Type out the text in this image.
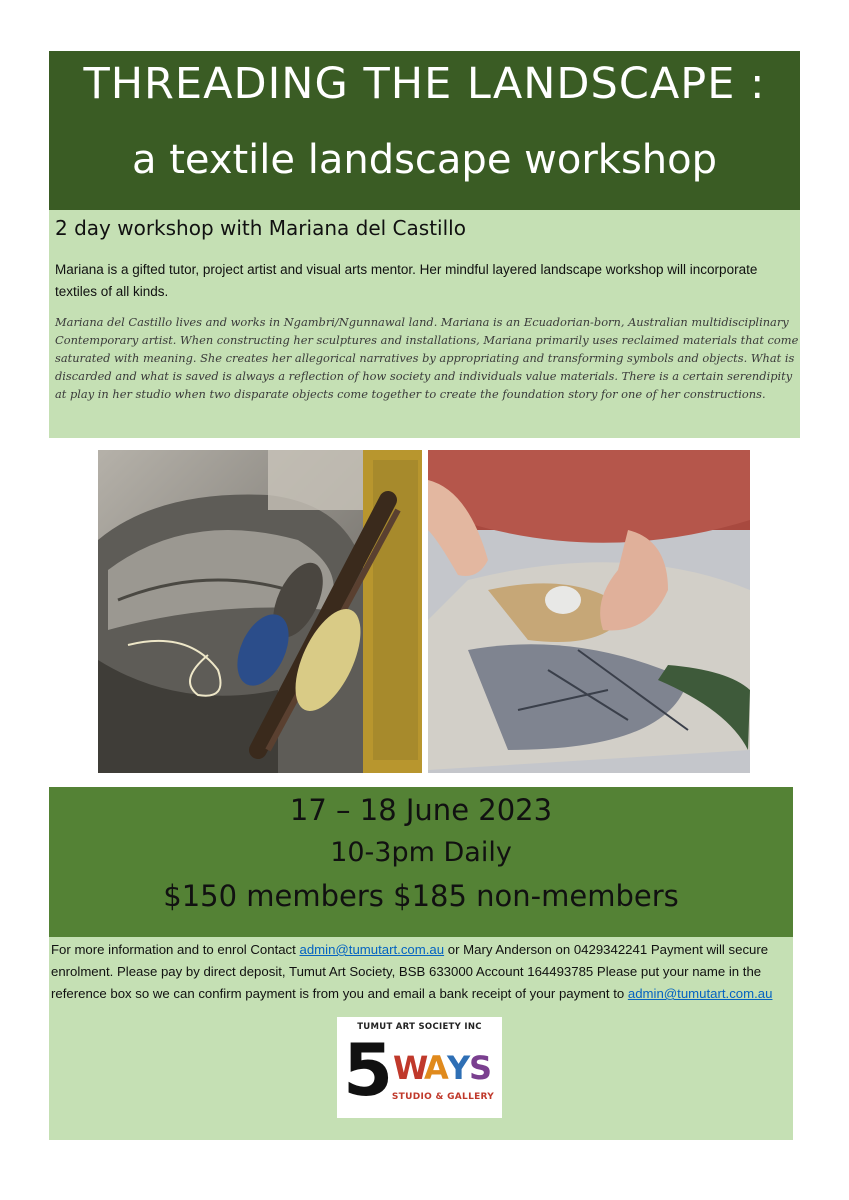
THREADING THE LANDSCAPE :
a textile landscape workshop
2 day workshop with Mariana del Castillo
Mariana is a gifted tutor, project artist and visual arts mentor. Her mindful layered landscape workshop will incorporate textiles of all kinds.
Mariana del Castillo lives and works in Ngambri/Ngunnawal land. Mariana is an Ecuadorian-born, Australian multidisciplinary Contemporary artist. When constructing her sculptures and installations, Mariana primarily uses reclaimed materials that come saturated with meaning. She creates her allegorical narratives by appropriating and transforming symbols and objects. What is discarded and what is saved is always a reflection of how society and individuals value materials. There is a certain serendipity at play in her studio when two disparate objects come together to create the foundation story for one of her constructions.
17 – 18 June 2023
10-3pm Daily
$150 members $185 non-members
For more information and to enrol Contact admin@tumutart.com.au or Mary Anderson on 0429342241 Payment will secure enrolment. Please pay by direct deposit, Tumut Art Society, BSB 633000 Account 164493785 Please put your name in the reference box so we can confirm payment is from you and email a bank receipt of your payment to admin@tumutart.com.au
TUMUT ART SOCIETY INC
5 W
A
Y
S
STUDIO & GALLERY
